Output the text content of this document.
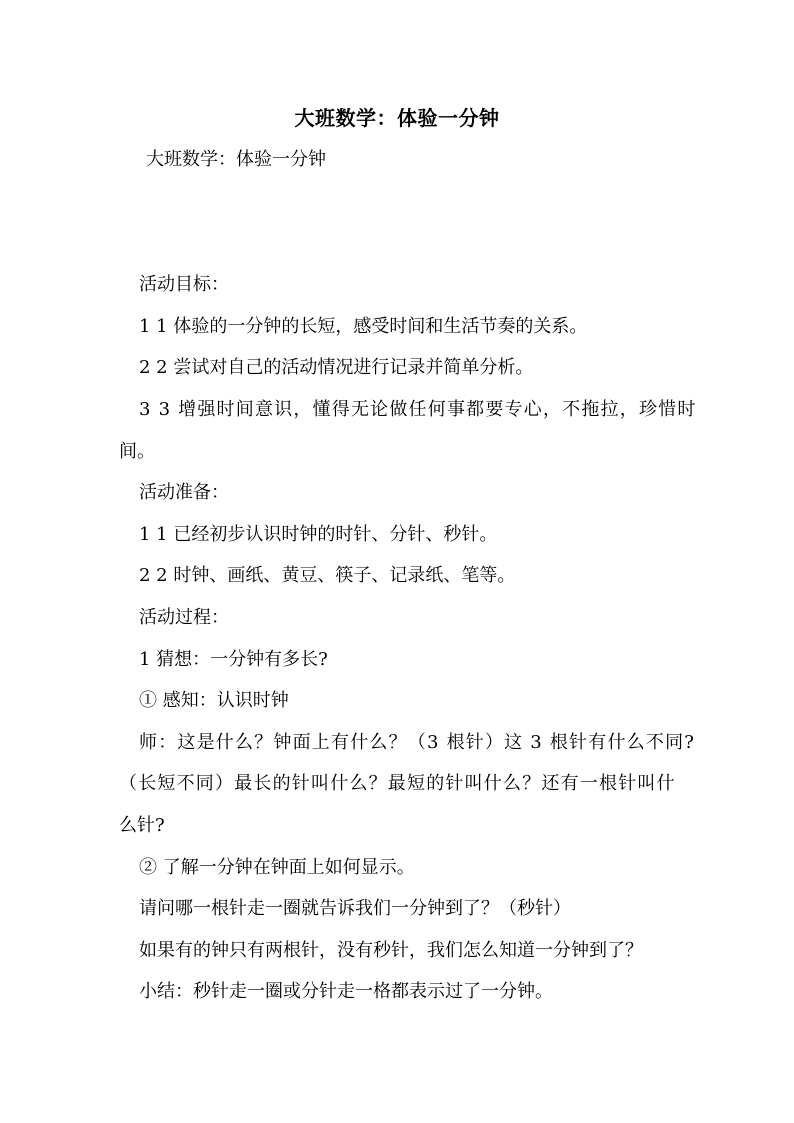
大班数学：体验一分钟
大班数学：体验一分钟
活动目标：
1 1 体验的一分钟的长短，感受时间和生活节奏的关系。
2 2 尝试对自己的活动情况进行记录并简单分析。
3 3 增强时间意识，懂得无论做任何事都要专心，不拖拉，珍惜时
间。
活动准备：
1 1 已经初步认识时钟的时针、分针、秒针。
2 2 时钟、画纸、黄豆、筷子、记录纸、笔等。
活动过程：
1 猜想：一分钟有多长?
① 感知：认识时钟
师：这是什么？钟面上有什么？（3 根针）这 3 根针有什么不同?
（长短不同）最长的针叫什么？最短的针叫什么？还有一根针叫什
么针?
② 了解一分钟在钟面上如何显示。
请问哪一根针走一圈就告诉我们一分钟到了？（秒针）
如果有的钟只有两根针，没有秒针，我们怎么知道一分钟到了？
小结：秒针走一圈或分针走一格都表示过了一分钟。
